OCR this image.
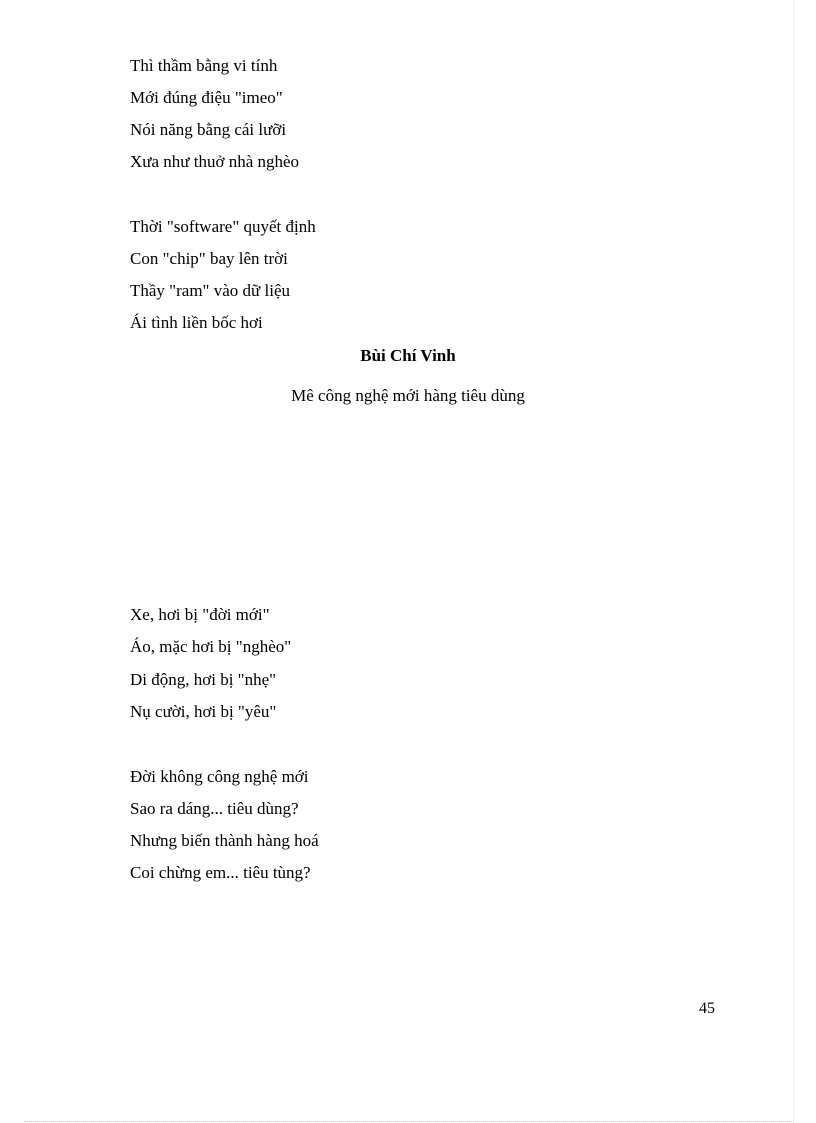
Thì thầm bằng vi tính
Mới đúng điệu "imeo"
Nói năng bằng cái lưỡi
Xưa như thuở nhà nghèo
Thời "software" quyết định
Con "chip" bay lên trời
Thầy "ram" vào dữ liệu
Ái tình liền bốc hơi
Bùi Chí Vinh
Mê công nghệ mới hàng tiêu dùng
Xe, hơi bị "đời mới"
Áo, mặc hơi bị "nghèo"
Di động, hơi bị "nhẹ"
Nụ cười, hơi bị "yêu"
Đời không công nghệ mới
Sao ra dáng... tiêu dùng?
Nhưng biến thành hàng hoá
Coi chừng em... tiêu tùng?
45
